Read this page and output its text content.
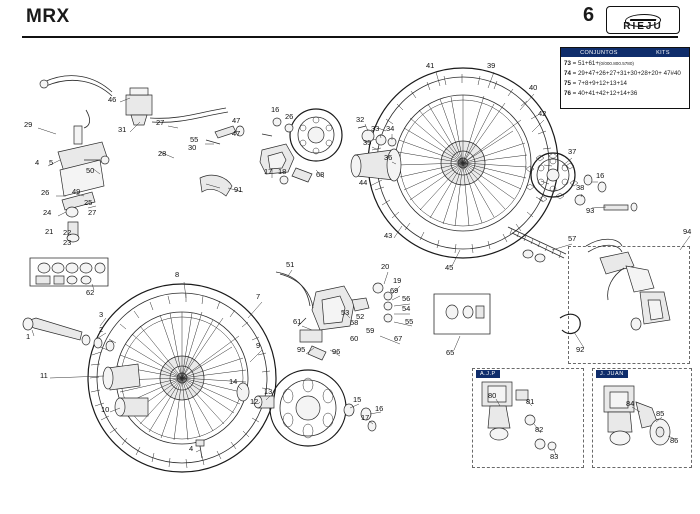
MRX	6
RIEJU
CONJUNTOS	KITS
73 = 51+61+(0/000.800.5780)
74 = 29+47+26+27+31+30+28+20+ 47#40
75 = 7+8+9+12+13+14
76 = 40+41+42+12+14+36
A.J.P	J. JUAN
46
29
31
27	47
47
16
26
30
55
28
4 5
50
26	49
24
25
21 22
23
27
91
17 18	68
32
33 34
35
36
44
41	39
40
42
37
16
38
93
43
45
57
94
62
8
7
51	20
19
69
56
54
55
53 52
58
59
60
61
67
95	96	65	92
3
2
1
11
10
9
14
13
12	15
16
17
4
80
81
82
83
84
85
86
